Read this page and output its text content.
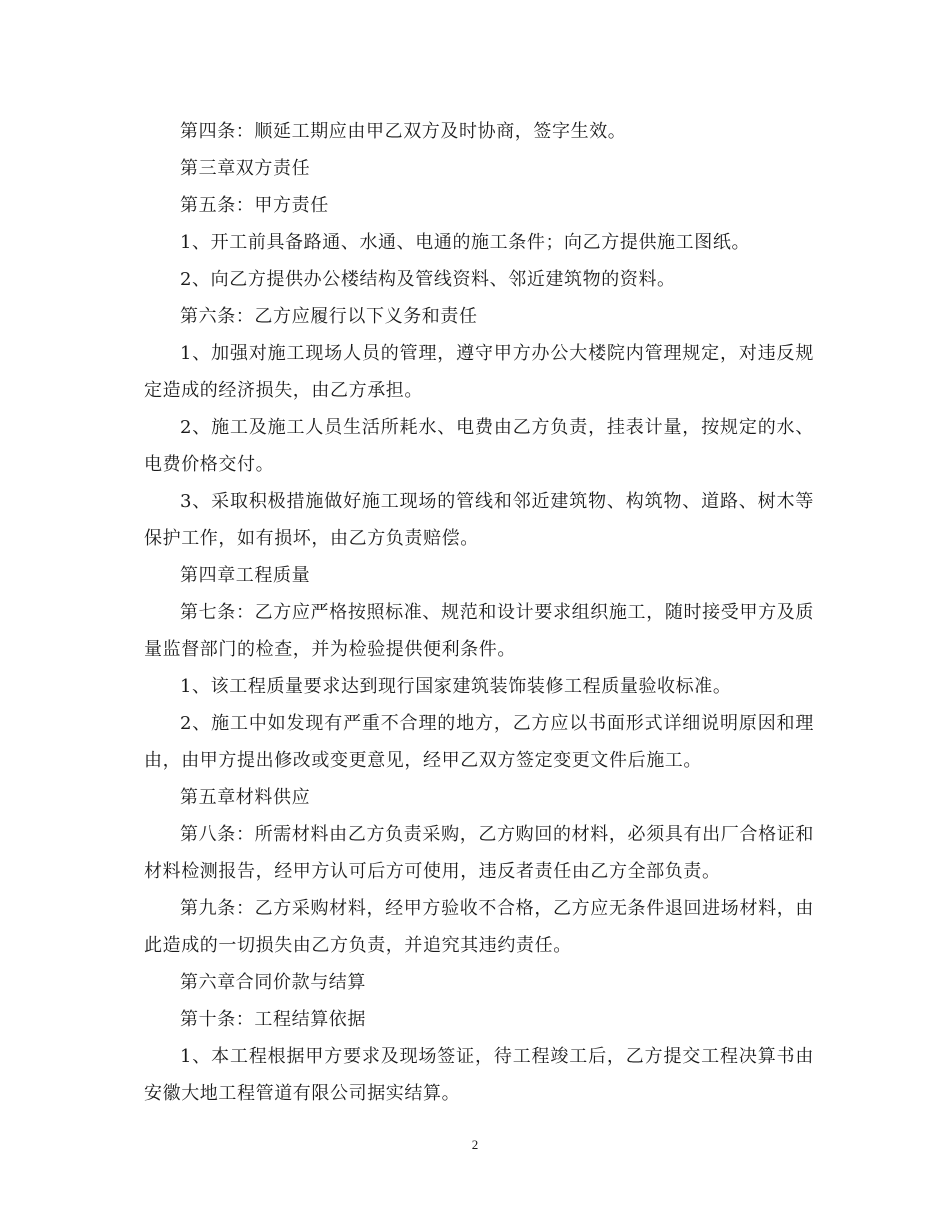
第四条：顺延工期应由甲乙双方及时协商，签字生效。

第三章双方责任

第五条：甲方责任

1、开工前具备路通、水通、电通的施工条件；向乙方提供施工图纸。

2、向乙方提供办公楼结构及管线资料、邻近建筑物的资料。

第六条：乙方应履行以下义务和责任

1、加强对施工现场人员的管理，遵守甲方办公大楼院内管理规定，对违反规定造成的经济损失，由乙方承担。

2、施工及施工人员生活所耗水、电费由乙方负责，挂表计量，按规定的水、电费价格交付。

3、采取积极措施做好施工现场的管线和邻近建筑物、构筑物、道路、树木等保护工作，如有损坏，由乙方负责赔偿。

第四章工程质量

第七条：乙方应严格按照标准、规范和设计要求组织施工，随时接受甲方及质量监督部门的检查，并为检验提供便利条件。

1、该工程质量要求达到现行国家建筑装饰装修工程质量验收标准。

2、施工中如发现有严重不合理的地方，乙方应以书面形式详细说明原因和理由，由甲方提出修改或变更意见，经甲乙双方签定变更文件后施工。

第五章材料供应

第八条：所需材料由乙方负责采购，乙方购回的材料，必须具有出厂合格证和材料检测报告，经甲方认可后方可使用，违反者责任由乙方全部负责。

第九条：乙方采购材料，经甲方验收不合格，乙方应无条件退回进场材料，由此造成的一切损失由乙方负责，并追究其违约责任。

第六章合同价款与结算

第十条：工程结算依据

1、本工程根据甲方要求及现场签证，待工程竣工后，乙方提交工程决算书由安徽大地工程管道有限公司据实结算。

2
